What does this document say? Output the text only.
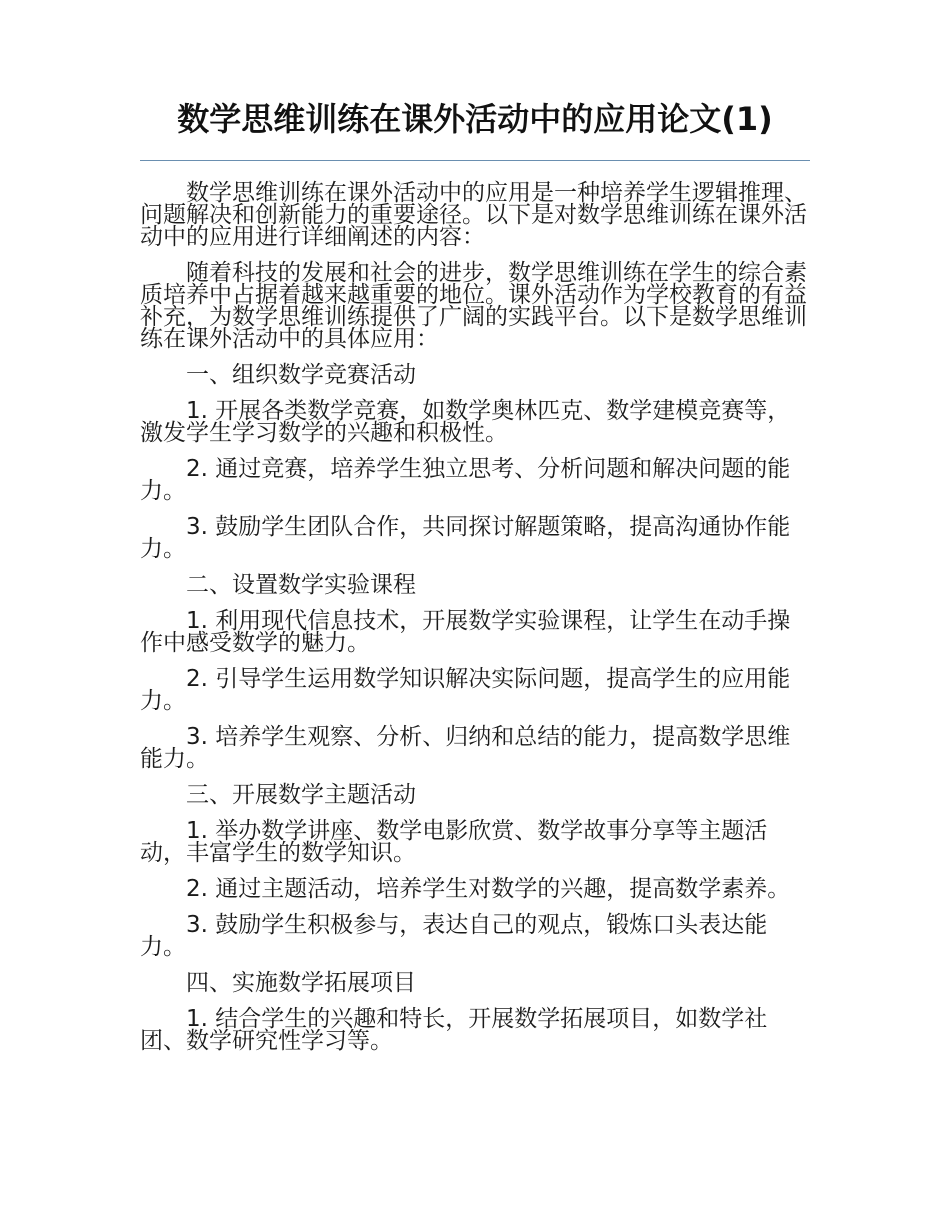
数学思维训练在课外活动中的应用论文(1)

数学思维训练在课外活动中的应用是一种培养学生逻辑推理、问题解决和创新能力的重要途径。以下是对数学思维训练在课外活动中的应用进行详细阐述的内容：

随着科技的发展和社会的进步，数学思维训练在学生的综合素质培养中占据着越来越重要的地位。课外活动作为学校教育的有益补充，为数学思维训练提供了广阔的实践平台。以下是数学思维训练在课外活动中的具体应用：

一、组织数学竞赛活动

1. 开展各类数学竞赛，如数学奥林匹克、数学建模竞赛等，激发学生学习数学的兴趣和积极性。

2. 通过竞赛，培养学生独立思考、分析问题和解决问题的能力。

3. 鼓励学生团队合作，共同探讨解题策略，提高沟通协作能力。

二、设置数学实验课程

1. 利用现代信息技术，开展数学实验课程，让学生在动手操作中感受数学的魅力。

2. 引导学生运用数学知识解决实际问题，提高学生的应用能力。

3. 培养学生观察、分析、归纳和总结的能力，提高数学思维能力。

三、开展数学主题活动

1. 举办数学讲座、数学电影欣赏、数学故事分享等主题活动，丰富学生的数学知识。

2. 通过主题活动，培养学生对数学的兴趣，提高数学素养。

3. 鼓励学生积极参与，表达自己的观点，锻炼口头表达能力。

四、实施数学拓展项目

1. 结合学生的兴趣和特长，开展数学拓展项目，如数学社团、数学研究性学习等。
